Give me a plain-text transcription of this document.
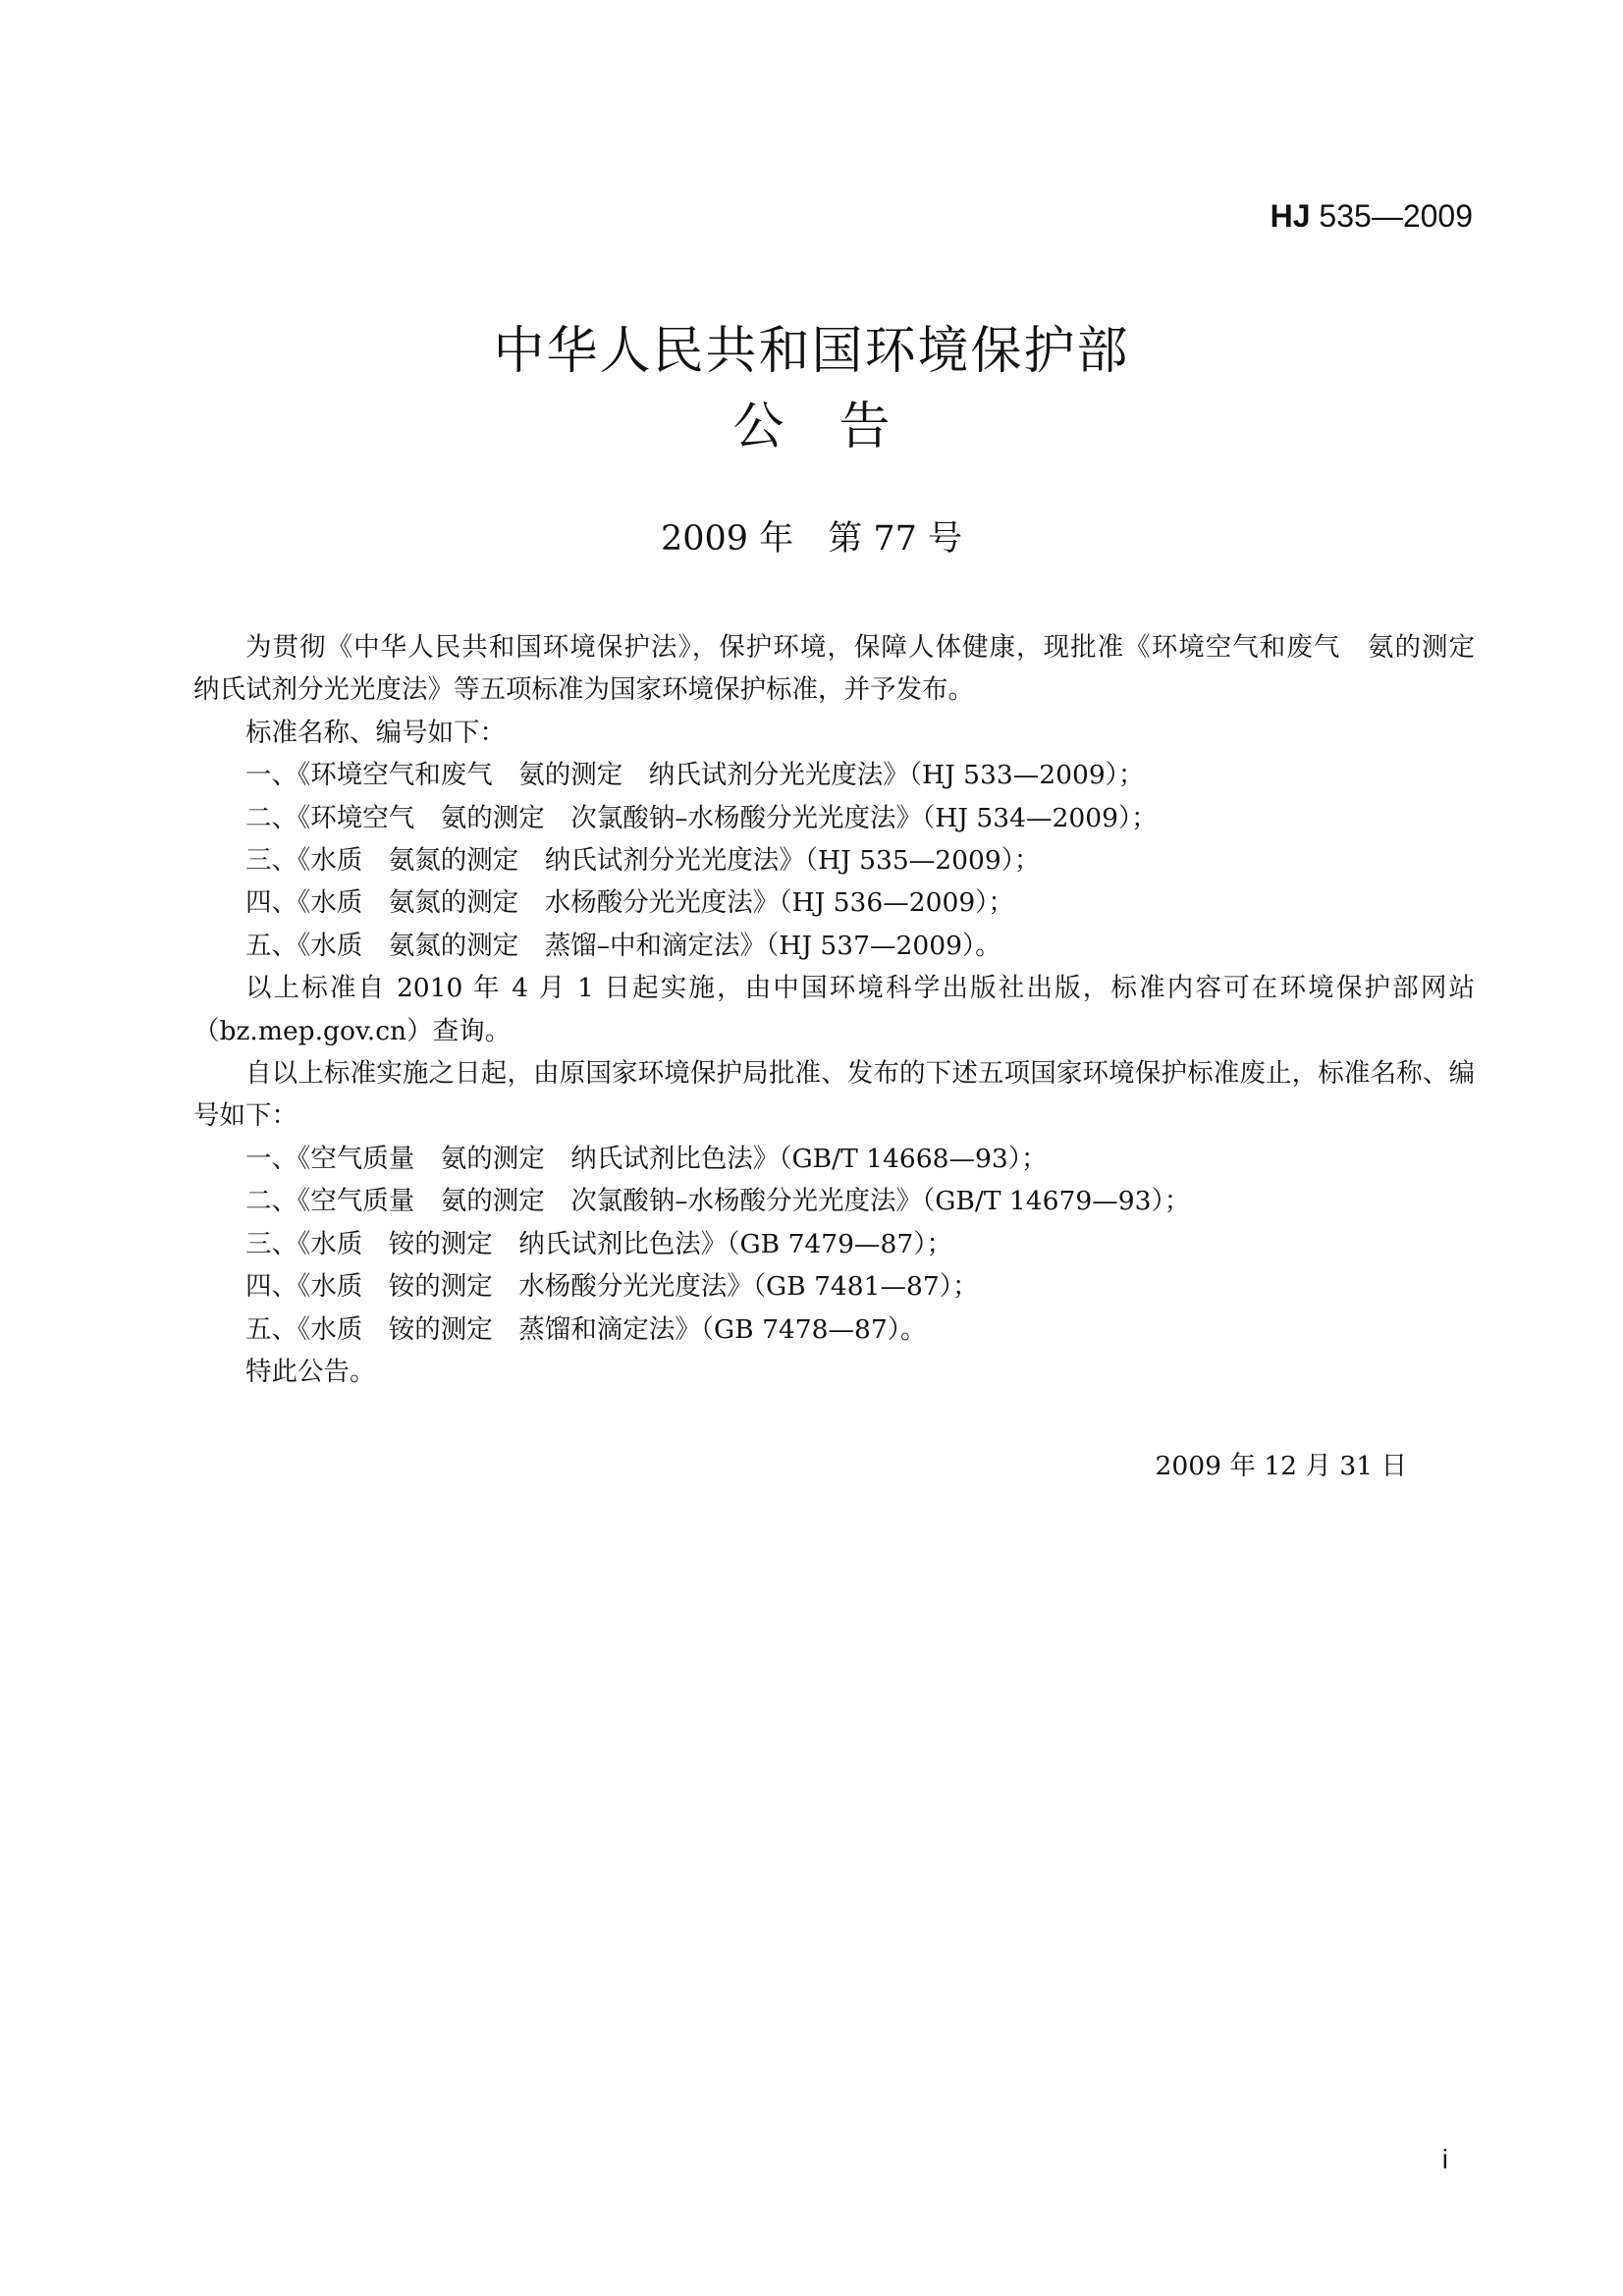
HJ 535—2009
中华人民共和国环境保护部
公告
2009 年　第 77 号

为贯彻《中华人民共和国环境保护法》，保护环境，保障人体健康，现批准《环境空气和废气　氨的测定　纳氏试剂分光光度法》等五项标准为国家环境保护标准，并予发布。

标准名称、编号如下：

一、《环境空气和废气　氨的测定　纳氏试剂分光光度法》（HJ 533—2009）；

二、《环境空气　氨的测定　次氯酸钠–水杨酸分光光度法》（HJ 534—2009）；

三、《水质　氨氮的测定　纳氏试剂分光光度法》（HJ 535—2009）；

四、《水质　氨氮的测定　水杨酸分光光度法》（HJ 536—2009）；

五、《水质　氨氮的测定　蒸馏–中和滴定法》（HJ 537—2009）。

以上标准自 2010 年 4 月 1 日起实施，由中国环境科学出版社出版，标准内容可在环境保护部网站（bz.mep.gov.cn）查询。

自以上标准实施之日起，由原国家环境保护局批准、发布的下述五项国家环境保护标准废止，标准名称、编号如下：

一、《空气质量　氨的测定　纳氏试剂比色法》（GB/T 14668—93）；

二、《空气质量　氨的测定　次氯酸钠–水杨酸分光光度法》（GB/T 14679—93）；

三、《水质　铵的测定　纳氏试剂比色法》（GB 7479—87）；

四、《水质　铵的测定　水杨酸分光光度法》（GB 7481—87）；

五、《水质　铵的测定　蒸馏和滴定法》（GB 7478—87）。

特此公告。

2009 年 12 月 31 日
i
